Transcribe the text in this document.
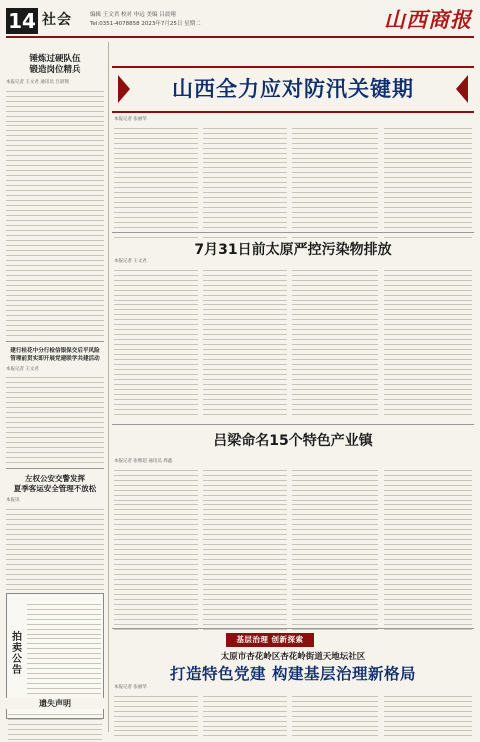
14 社会	编辑 王文君 校对 申远 美编 吕晨翔
Tel:0351-4078858 2023年7月25日 星期二	山西商报
锤炼过硬队伍
锻造岗位精兵
本报记者 王文君 通讯员 吕晨翔
建行桂花中分行检信银保交后平风险
管理前贯实即开展党建联学共建活动
本报记者 王文君
左权公安交警发挥
夏季客运安全管理不放松
本报讯
拍卖公告
遗失声明
山西全力应对防汛关键期
本报记者 张丽华
7月31日前太原严控污染物排放
本报记者 王文君
吕梁命名15个特色产业镇
本报记者 张继超 通讯员 周鑫
基层治理 创新探索
太原市杏花岭区杏花岭街道天地坛社区
打造特色党建 构建基层治理新格局
本报记者 张丽华
